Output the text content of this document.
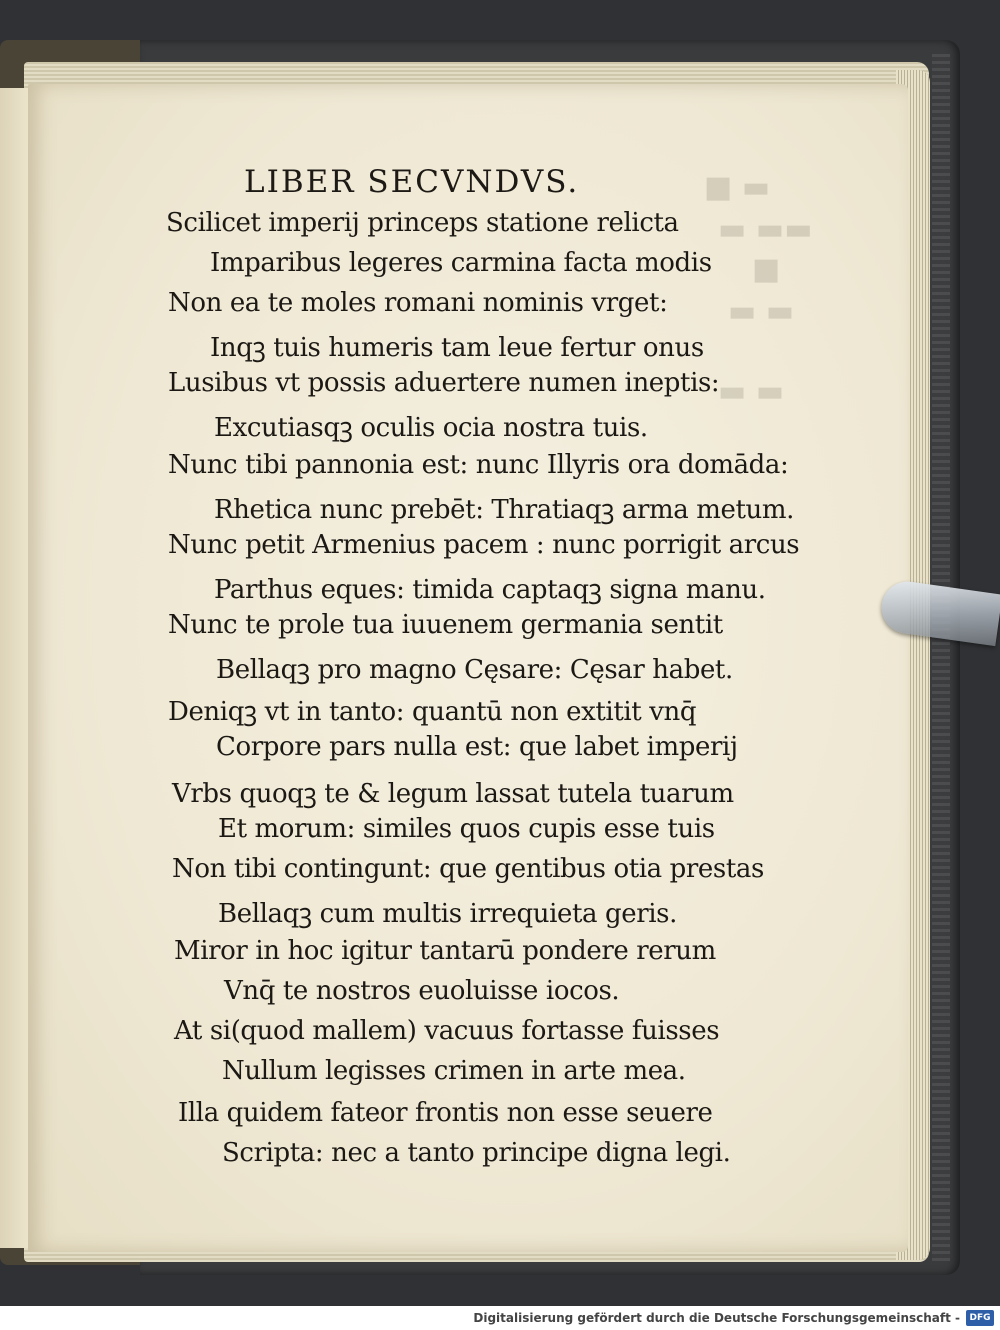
■ ▬
▬ ▬▬
■
▬ ▬
▬ ▬
LIBER SECVNDVS.
Scilicet imperij princeps statione relicta
Imparibus legeres carmina facta modis
Non ea te moles romani nominis vrget:
Inqꝫ tuis humeris tam leue fertur onus
Lusibus vt possis aduertere numen ineptis:
Excutiasqꝫ oculis ocia nostra tuis.
Nunc tibi pannonia est: nunc Illyris ora domāda:
Rhetica nunc prebēt: Thratiaqꝫ arma metum.
Nunc petit Armenius pacem : nunc porrigit arcus
Parthus eques: timida captaqꝫ signa manu.
Nunc te prole tua iuuenem germania sentit
Bellaqꝫ pro magno Cęsare: Cęsar habet.
Deniqꝫ vt in tanto: quantū non extitit vnq̄
Corpore pars nulla est: que labet imperij
Vrbs quoqꝫ te & legum lassat tutela tuarum
Et morum: similes quos cupis esse tuis
Non tibi contingunt: que gentibus otia prestas
Bellaqꝫ cum multis irrequieta geris.
Miror in hoc igitur tantarū pondere rerum
Vnq̄ te nostros euoluisse iocos.
At si(quod mallem) vacuus fortasse fuisses
Nullum legisses crimen in arte mea.
Illa quidem fateor frontis non esse seuere
Scripta: nec a tanto principe digna legi.
Digitalisierung gefördert durch die Deutsche Forschungsgemeinschaft -	DFG
